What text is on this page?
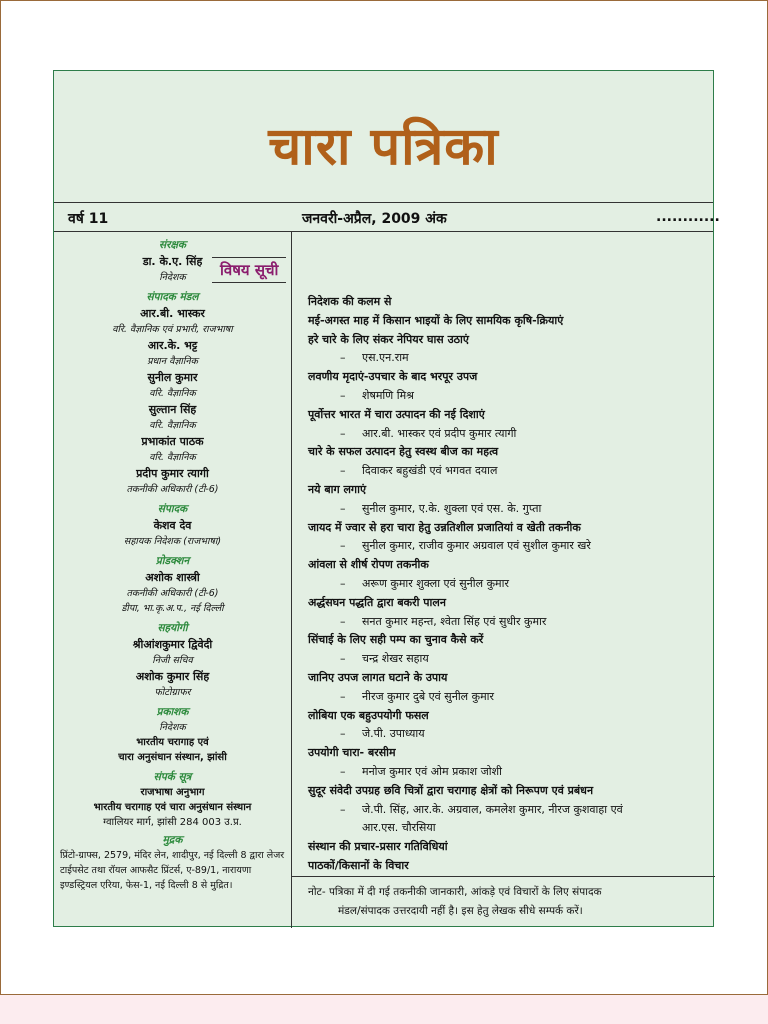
चारा पत्रिका
वर्ष 11	जनवरी-अप्रैल, 2009 अंक	............
संरक्षक
डा. के.ए. सिंह
निदेशक
संपादक मंडल
आर.बी. भास्कर
वरि. वैज्ञानिक एवं प्रभारी, राजभाषा
आर.के. भट्ट
प्रधान वैज्ञानिक
सुनील कुमार
वरि. वैज्ञानिक
सुल्तान सिंह
वरि. वैज्ञानिक
प्रभाकांत पाठक
वरि. वैज्ञानिक
प्रदीप कुमार त्यागी
तकनीकी अधिकारी (टी-6)
संपादक
केशव देव
सहायक निदेशक (राजभाषा)
प्रोडक्शन
अशोक शास्त्री
तकनीकी अधिकारी (टी-6)
डीपा, भा.कृ.अ.प., नई दिल्ली
सहयोगी
श्रीआंशकुमार द्विवेदी
निजी सचिव
अशोक कुमार सिंह
फोटोग्राफर
प्रकाशक
निदेशक
भारतीय चरागाह एवं
चारा अनुसंधान संस्थान, झांसी
संपर्क सूत्र
राजभाषा अनुभाग
भारतीय चरागाह एवं चारा अनुसंधान संस्थान
ग्वालियर मार्ग, झांसी 284 003 उ.प्र.
मुद्रक
प्रिंटो-ग्राफ्स, 2579, मंदिर लेन, शादीपुर, नई दिल्ली 8 द्वारा लेजर टाईपसेट तथा रॉयल आफसैट प्रिंटर्स, ए-89/1, नारायणा इण्डस्ट्रियल एरिया, फेस-1, नई दिल्ली 8 से मुद्रित।
विषय सूची
निदेशक की कलम से
मई-अगस्त माह में किसान भाइयों के लिए सामयिक कृषि-क्रियाएं
हरे चारे के लिए संकर नेपियर घास उठाएं
– एस.एन.राम
लवणीय मृदाएं-उपचार के बाद भरपूर उपज
– शेषमणि मिश्र
पूर्वोत्तर भारत में चारा उत्पादन की नई दिशाएं
– आर.बी. भास्कर एवं प्रदीप कुमार त्यागी
चारे के सफल उत्पादन हेतु स्वस्थ बीज का महत्व
– दिवाकर बहुखंडी एवं भगवत दयाल
नये बाग लगाएं
– सुनील कुमार, ए.के. शुक्ला एवं एस. के. गुप्ता
जायद में ज्वार से हरा चारा हेतु उन्नतिशील प्रजातियां व खेती तकनीक
– सुनील कुमार, राजीव कुमार अग्रवाल एवं सुशील कुमार खरे
आंवला से शीर्ष रोपण तकनीक
– अरूण कुमार शुक्ला एवं सुनील कुमार
अर्द्धसघन पद्धति द्वारा बकरी पालन
– सनत कुमार महन्त, श्वेता सिंह एवं सुधीर कुमार
सिंचाई के लिए सही पम्प का चुनाव कैसे करें
– चन्द्र शेखर सहाय
जानिए उपज लागत घटाने के उपाय
– नीरज कुमार दुबे एवं सुनील कुमार
लोबिया एक बहुउपयोगी फसल
– जे.पी. उपाध्याय
उपयोगी चारा- बरसीम
– मनोज कुमार एवं ओम प्रकाश जोशी
सुदूर संवेदी उपग्रह छवि चित्रों द्वारा चरागाह क्षेत्रों को निरूपण एवं प्रबंधन
– जे.पी. सिंह, आर.के. अग्रवाल, कमलेश कुमार, नीरज कुशवाहा एवं
आर.एस. चौरसिया
संस्थान की प्रचार-प्रसार गतिविधियां
पाठकों/किसानों के विचार
नोट- पत्रिका में दी गई तकनीकी जानकारी, आंकड़े एवं विचारों के लिए संपादक
मंडल/संपादक उत्तरदायी नहीं है। इस हेतु लेखक सीधे सम्पर्क करें।
